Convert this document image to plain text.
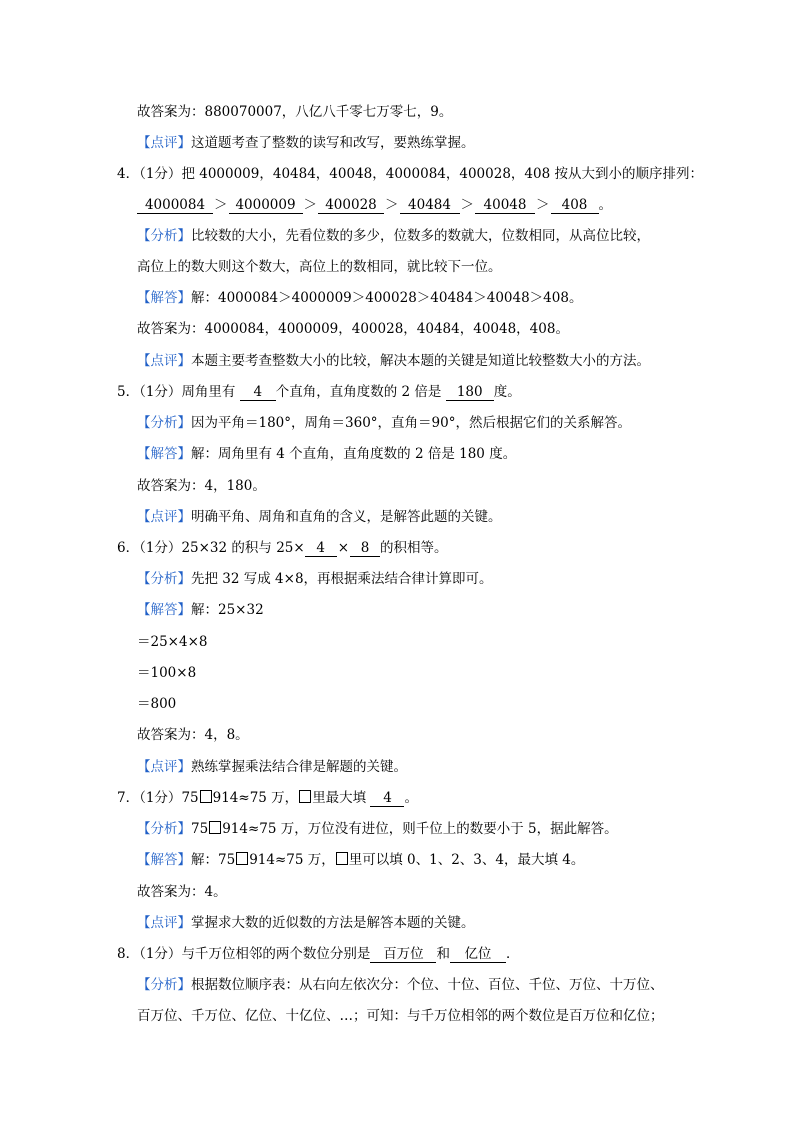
故答案为：880070007，八亿八千零七万零七，9。
【点评】这道题考查了整数的读写和改写，要熟练掌握。
4．（1分）把 4000009，40484，40048，4000084，400028，408 按从大到小的顺序排列：
4000084 ＞ 4000009 ＞ 400028 ＞ 40484 ＞ 40048 ＞ 408 。
【分析】比较数的大小，先看位数的多少，位数多的数就大，位数相同，从高位比较，
高位上的数大则这个数大，高位上的数相同，就比较下一位。
【解答】解：4000084＞4000009＞400028＞40484＞40048＞408。
故答案为：4000084，4000009，400028，40484，40048，408。
【点评】本题主要考查整数大小的比较，解决本题的关键是知道比较整数大小的方法。
5．（1分）周角里有 4 个直角，直角度数的 2 倍是 180 度。
【分析】因为平角＝180°，周角＝360°，直角＝90°，然后根据它们的关系解答。
【解答】解：周角里有 4 个直角，直角度数的 2 倍是 180 度。
故答案为：4，180。
【点评】明确平角、周角和直角的含义，是解答此题的关键。
6．（1分）25×32 的积与 25× 4 × 8 的积相等。
【分析】先把 32 写成 4×8，再根据乘法结合律计算即可。
【解答】解：25×32
＝25×4×8
＝100×8
＝800
故答案为：4，8。
【点评】熟练掌握乘法结合律是解题的关键。
7．（1分）75 914≈75 万， 里最大填 4 。
【分析】75 914≈75 万，万位没有进位，则千位上的数要小于 5，据此解答。
【解答】解：75 914≈75 万， 里可以填 0、1、2、3、4，最大填 4。
故答案为：4。
【点评】掌握求大数的近似数的方法是解答本题的关键。
8．（1分）与千万位相邻的两个数位分别是 百万位 和 亿位 ．
【分析】根据数位顺序表：从右向左依次分：个位、十位、百位、千位、万位、十万位、
百万位、千万位、亿位、十亿位、…；可知：与千万位相邻的两个数位是百万位和亿位；
